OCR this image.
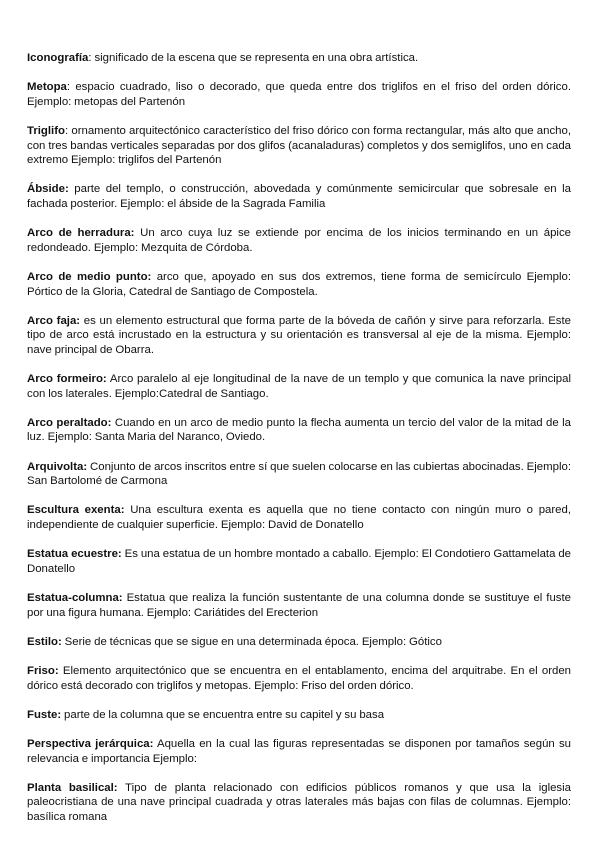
Iconografía: significado de la escena que se representa en una obra artística.

Metopa: espacio cuadrado, liso o decorado, que queda entre dos triglifos en el friso del orden dórico. Ejemplo: metopas del Partenón

Triglifo: ornamento arquitectónico característico del friso dórico con forma rectangular, más alto que ancho, con tres bandas verticales separadas por dos glifos (acanaladuras) completos y dos semiglifos, uno en cada extremo Ejemplo: triglifos del Partenón

Ábside: parte del templo, o construcción, abovedada y comúnmente semicircular que sobresale en la fachada posterior. Ejemplo: el ábside de la Sagrada Familia

Arco de herradura: Un arco cuya luz se extiende por encima de los inicios terminando en un ápice redondeado. Ejemplo: Mezquita de Córdoba.

Arco de medio punto: arco que, apoyado en sus dos extremos, tiene forma de semicírculo Ejemplo: Pórtico de la Gloria, Catedral de Santiago de Compostela.

Arco faja: es un elemento estructural que forma parte de la bóveda de cañón y sirve para reforzarla. Este tipo de arco está incrustado en la estructura y su orientación es transversal al eje de la misma. Ejemplo: nave principal de Obarra.

Arco formeiro: Arco paralelo al eje longitudinal de la nave de un templo y que comunica la nave principal con los laterales. Ejemplo:Catedral de Santiago.

Arco peraltado: Cuando en un arco de medio punto la flecha aumenta un tercio del valor de la mitad de la luz. Ejemplo: Santa Maria del Naranco, Oviedo.

Arquivolta: Conjunto de arcos inscritos entre sí que suelen colocarse en las cubiertas abocinadas. Ejemplo: San Bartolomé de Carmona

Escultura exenta: Una escultura exenta es aquella que no tiene contacto con ningún muro o pared, independiente de cualquier superficie. Ejemplo: David de Donatello

Estatua ecuestre: Es una estatua de un hombre montado a caballo. Ejemplo: El Condotiero Gattamelata de Donatello

Estatua-columna: Estatua que realiza la función sustentante de una columna donde se sustituye el fuste por una figura humana. Ejemplo: Cariátides del Erecterion

Estilo: Serie de técnicas que se sigue en una determinada época. Ejemplo: Gótico

Friso: Elemento arquitectónico que se encuentra en el entablamento, encima del arquitrabe. En el orden dórico está decorado con triglifos y metopas. Ejemplo: Friso del orden dórico.

Fuste: parte de la columna que se encuentra entre su capitel y su basa

Perspectiva jerárquica: Aquella en la cual las figuras representadas se disponen por tamaños según su relevancia e importancia Ejemplo:

Planta basilical: Tipo de planta relacionado con edificios públicos romanos y que usa la iglesia paleocristiana de una nave principal cuadrada y otras laterales más bajas con filas de columnas. Ejemplo: basílica romana
